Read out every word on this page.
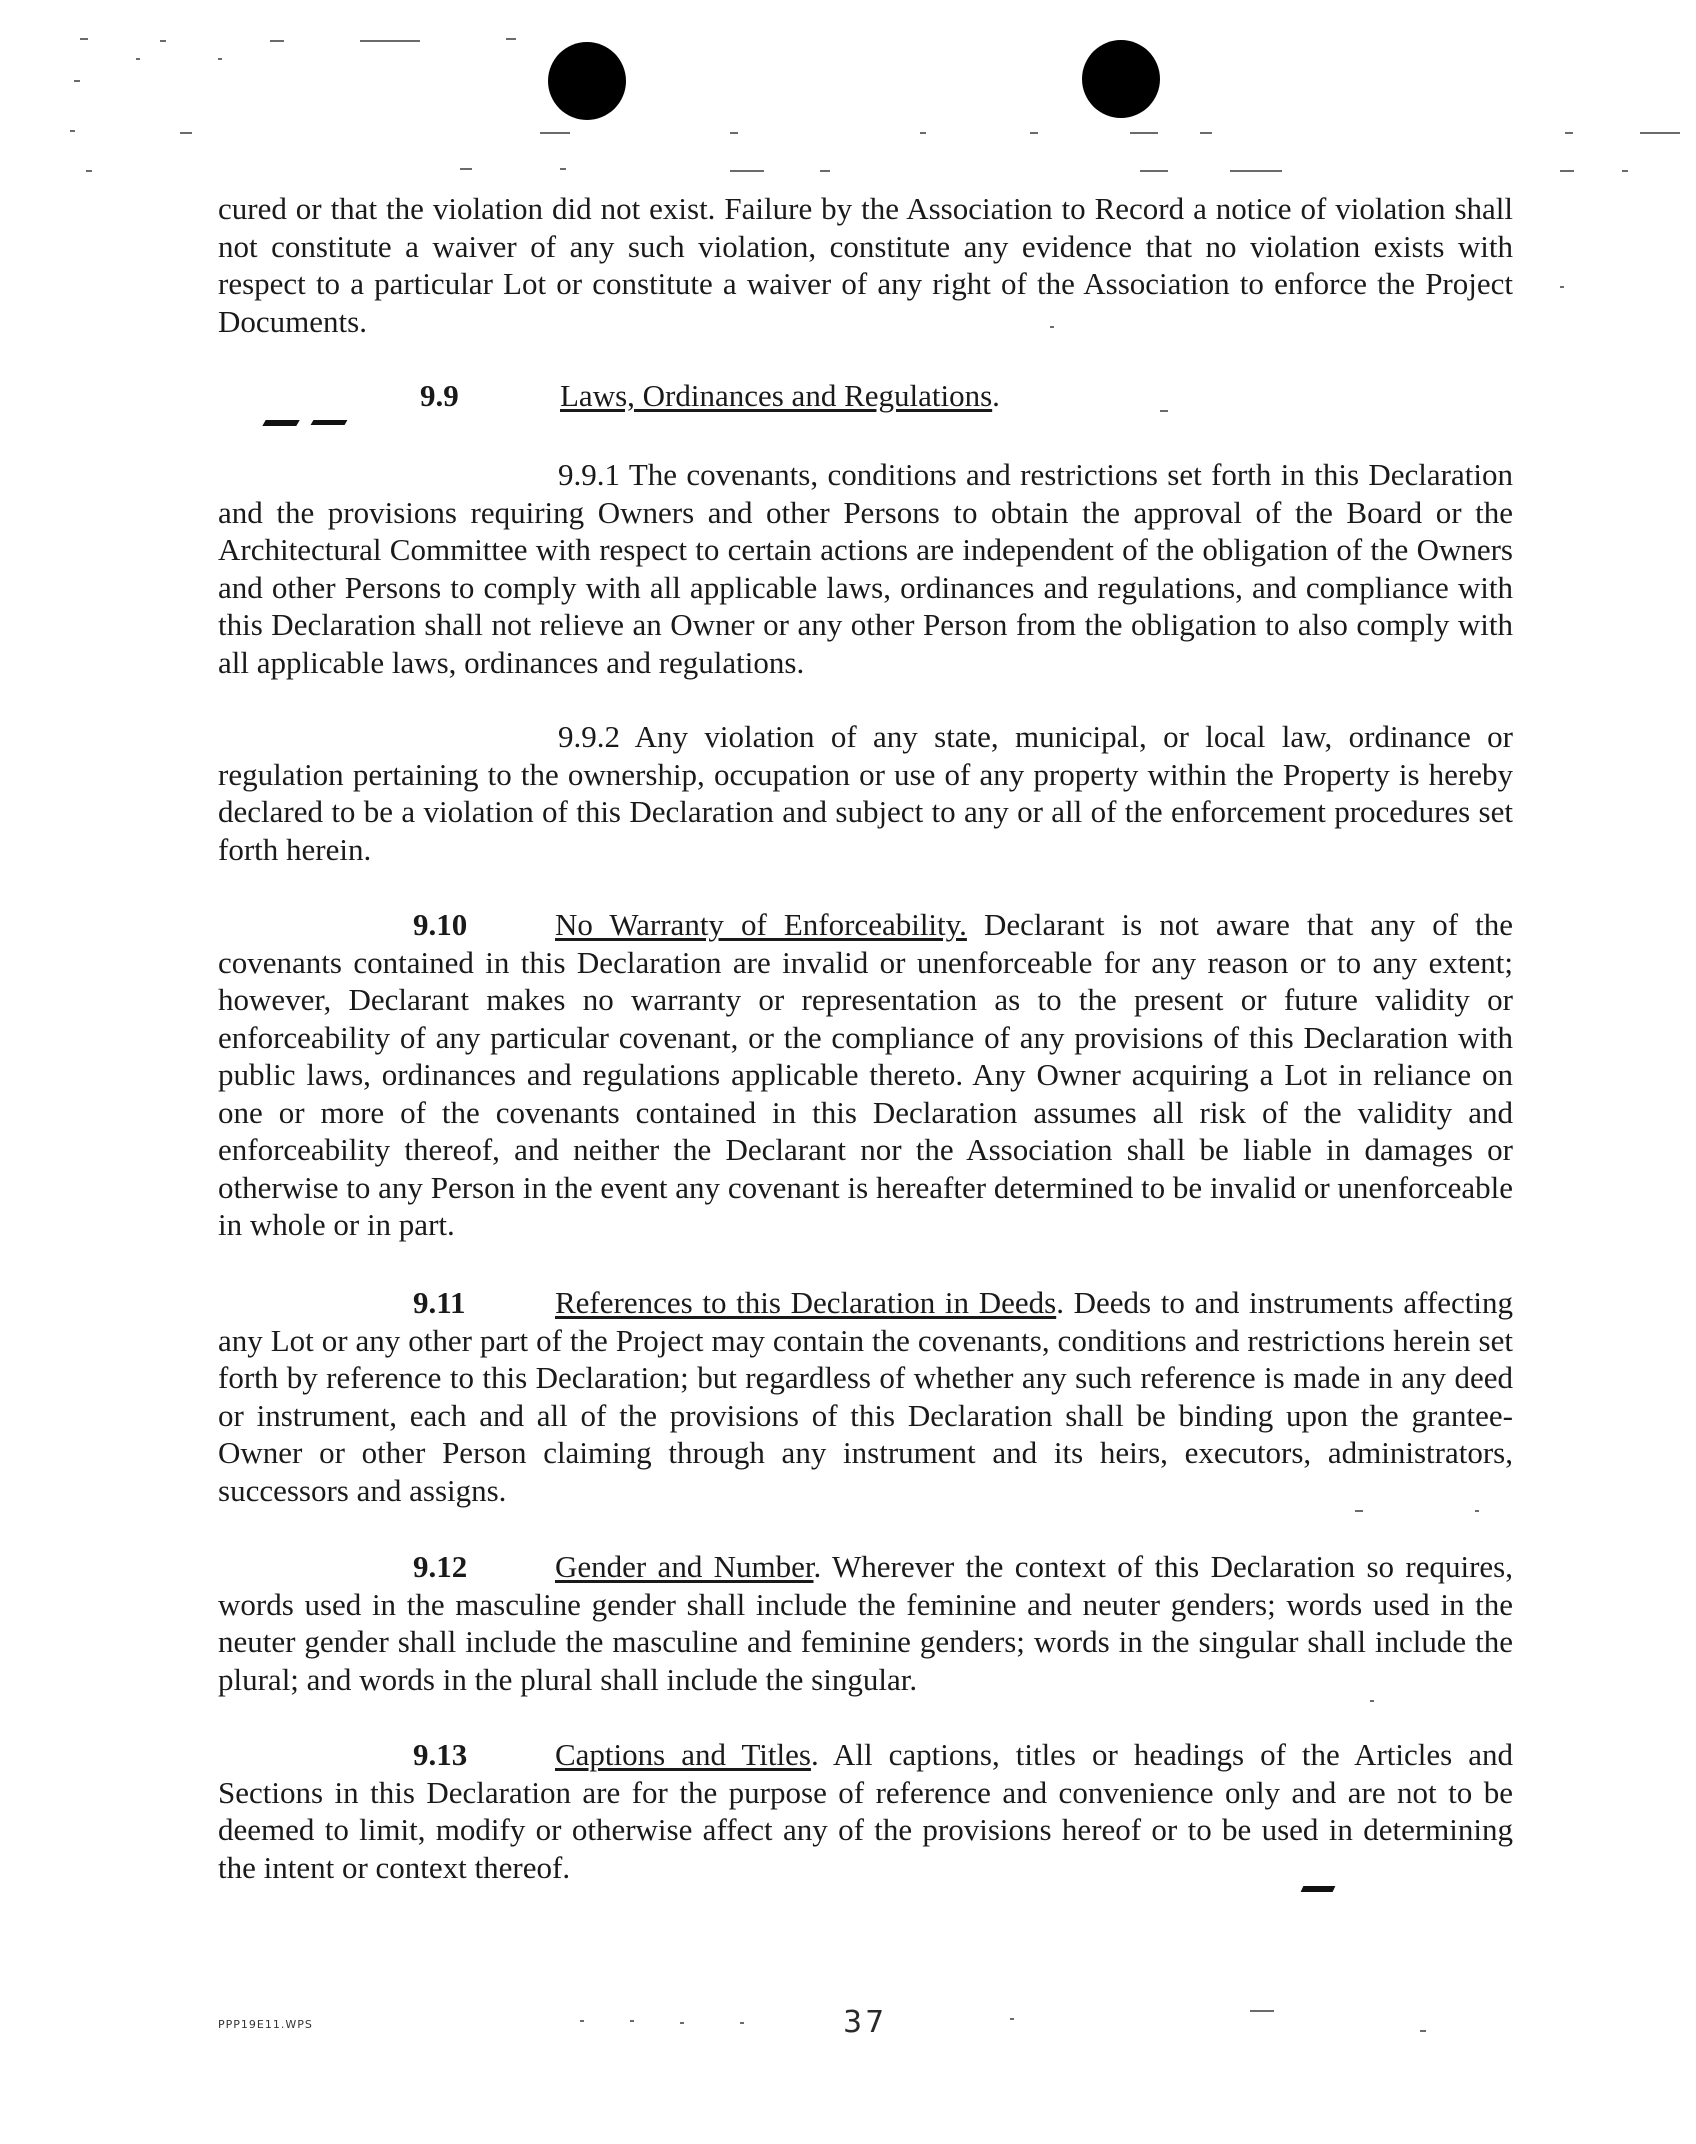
cured or that the violation did not exist. Failure by the Association to Record a notice of violation shall not constitute a waiver of any such violation, constitute any evidence that no violation exists with respect to a particular Lot or constitute a waiver of any right of the Association to enforce the Project Documents.

9.9	Laws, Ordinances and Regulations.

9.9.1 The covenants, conditions and restrictions set forth in this Declaration and the provisions requiring Owners and other Persons to obtain the approval of the Board or the Architectural Committee with respect to certain actions are independent of the obligation of the Owners and other Persons to comply with all applicable laws, ordinances and regulations, and compliance with this Declaration shall not relieve an Owner or any other Person from the obligation to also comply with all applicable laws, ordinances and regulations.

9.9.2 Any violation of any state, municipal, or local law, ordinance or regulation pertaining to the ownership, occupation or use of any property within the Property is hereby declared to be a violation of this Declaration and subject to any or all of the enforcement procedures set forth herein.

9.10	No Warranty of Enforceability. Declarant is not aware that any of the covenants contained in this Declaration are invalid or unenforceable for any reason or to any extent; however, Declarant makes no warranty or representation as to the present or future validity or enforceability of any particular covenant, or the compliance of any provisions of this Declaration with public laws, ordinances and regulations applicable thereto. Any Owner acquiring a Lot in reliance on one or more of the covenants contained in this Declaration assumes all risk of the validity and enforceability thereof, and neither the Declarant nor the Association shall be liable in damages or otherwise to any Person in the event any covenant is hereafter determined to be invalid or unenforceable in whole or in part.

9.11	References to this Declaration in Deeds. Deeds to and instruments affecting any Lot or any other part of the Project may contain the covenants, conditions and restrictions herein set forth by reference to this Declaration; but regardless of whether any such reference is made in any deed or instrument, each and all of the provisions of this Declaration shall be binding upon the grantee-Owner or other Person claiming through any instrument and its heirs, executors, administrators, successors and assigns.

9.12	Gender and Number. Wherever the context of this Declaration so requires, words used in the masculine gender shall include the feminine and neuter genders; words used in the neuter gender shall include the masculine and feminine genders; words in the singular shall include the plural; and words in the plural shall include the singular.

9.13	Captions and Titles. All captions, titles or headings of the Articles and Sections in this Declaration are for the purpose of reference and convenience only and are not to be deemed to limit, modify or otherwise affect any of the provisions hereof or to be used in determining the intent or context thereof.

PPP19E11.WPS	37
